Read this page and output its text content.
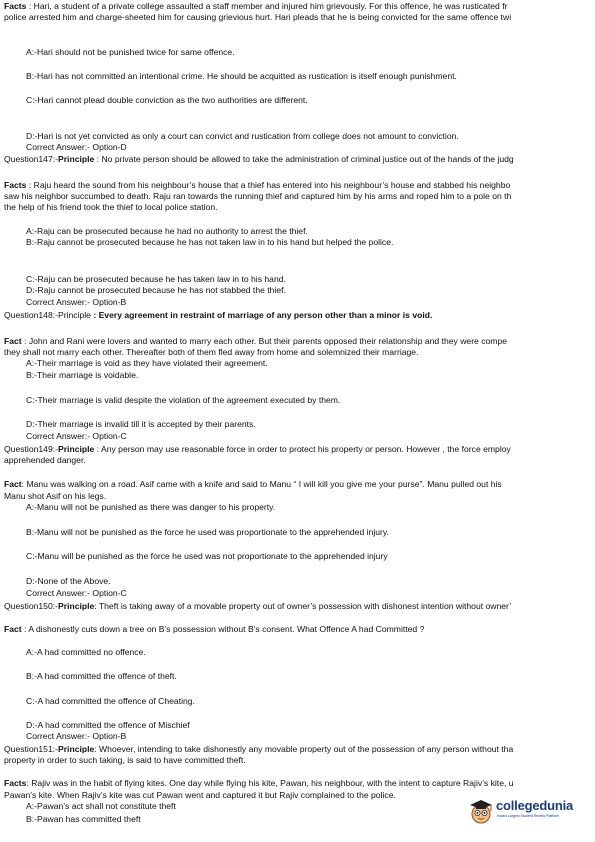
Facts : Hari, a student of a private college assaulted a staff member and injured him grievously. For this offence, he was rusticated fr
police arrested him and charge-sheeted him for causing grievious hurt. Hari pleads that he is being convicted for the same offence twi
A:-Hari should not be punished twice for same offence.
B:-Hari has not committed an intentional crime. He should be acquitted as rustication is itself enough punishment.
C:-Hari cannot plead double conviction as the two authorities are different.
D:-Hari is not yet convicted as only a court can convict and rustication from college does not amount to conviction.
Correct Answer:- Option-D
Question147:-Principle : No private person should be allowed to take the administration of criminal justice out of the hands of the judg
Facts : Raju heard the sound from his neighbour’s house that a thief has entered into his neighbour’s house and stabbed his neighbo
saw his neighbor succumbed to death. Raju ran towards the running thief and captured him by his arms and roped him to a pole on th
the help of his friend took the thief to local police station.
A:-Raju can be prosecuted because he had no authority to arrest the thief.
B:-Raju cannot be prosecuted because he has not taken law in to his hand but helped the police.
C:-Raju can be prosecuted because he has taken law in to his hand.
D:-Raju cannot be prosecuted because he has not stabbed the thief.
Correct Answer:- Option-B
Question148:-Principle : Every agreement in restraint of marriage of any person other than a minor is void.
Fact : John and Rani were lovers and wanted to marry each other. But their parents opposed their relationship and they were compe
they shall not marry each other. Thereafter both of them fled away from home and solemnized their marriage.
A:-Their marriage is void as they have violated their agreement.
B:-Their marriage is voidable.
C:-Their marriage is valid despite the violation of the agreement executed by them.
D:-Their marriage is invalid till it is accepted by their parents.
Correct Answer:- Option-C
Question149:-Principle : Any person may use reasonable force in order to protect his property or person. However , the force employ
apprehended danger.
Fact: Manu was walking on a road. Asif came with a knife and said to Manu “ I will kill you give me your purse”. Manu pulled out his
Manu shot Asif on his legs.
A:-Manu will not be punished as there was danger to his property.
B:-Manu will not be punished as the force he used was proportionate to the apprehended injury.
C:-Manu will be punished as the force he used was not proportionate to the apprehended injury
D:-None of the Above.
Correct Answer:- Option-C
Question150:-Principle: Theft is taking away of a movable property out of owner’s possession with dishonest intention without owner’
Fact : A dishonestly cuts down a tree on B’s possession without B’s consent. What Offence A had Committed ?
A:-A had committed no offence.
B:-A had committed the offence of theft.
C:-A had committed the offence of Cheating.
D:-A had committed the offence of Mischief
Correct Answer:- Option-B
Question151:-Principle: Whoever, intending to take dishonestly any movable property out of the possession of any person without tha
property in order to such taking, is said to have committed theft.
Facts: Rajiv was in the habit of flying kites. One day while flying his kite, Pawan, his neighbour, with the intent to capture Rajiv’s kite, u
Pawan’s kite. When Rajiv’s kite was cut Pawan went and captured it but Rajiv complained to the police.
A:-Pawan’s act shall not constitute theft
B:-Pawan has committed theft
collegedunia
India's Largest Student Review Platform
